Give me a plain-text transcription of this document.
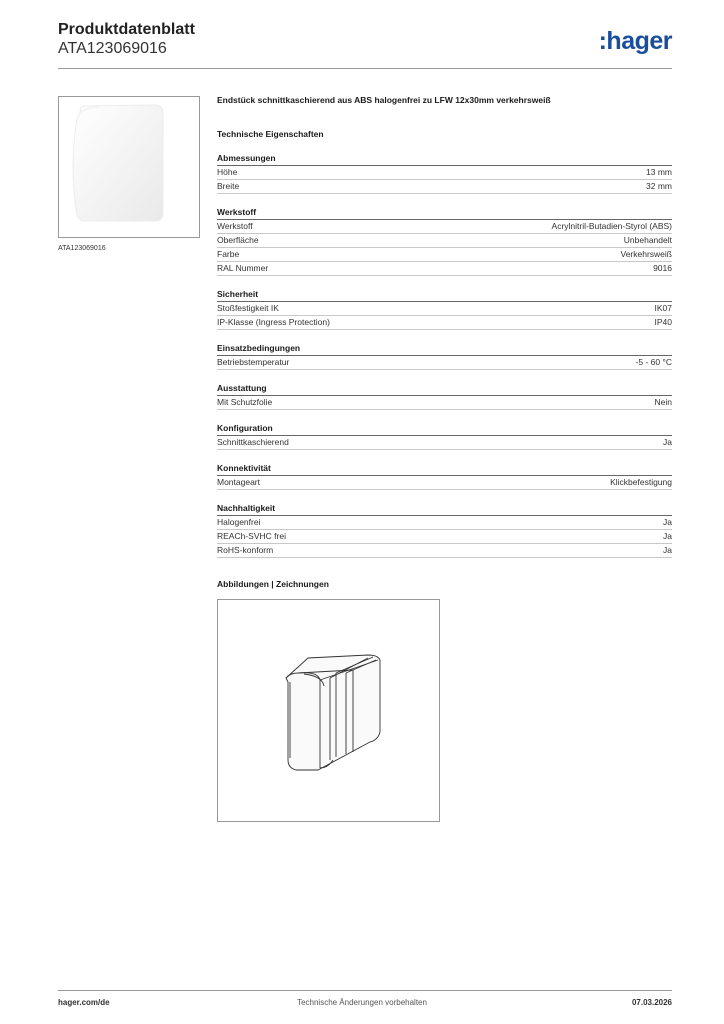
Produktdatenblatt
ATA123069016	:hager
ATA123069016
Endstück schnittkaschierend aus ABS halogenfrei zu LFW 12x30mm verkehrsweiß
Technische Eigenschaften
Abmessungen
Höhe	13 mm
Breite	32 mm
Werkstoff
Werkstoff	Acrylnitril-Butadien-Styrol (ABS)
Oberfläche	Unbehandelt
Farbe	Verkehrsweiß
RAL Nummer	9016
Sicherheit
Stoßfestigkeit IK	IK07
IP-Klasse (Ingress Protection)	IP40
Einsatzbedingungen
Betriebstemperatur	-5 - 60 °C
Ausstattung
Mit Schutzfolie	Nein
Konfiguration
Schnittkaschierend	Ja
Konnektivität
Montageart	Klickbefestigung
Nachhaltigkeit
Halogenfrei	Ja
REACh-SVHC frei	Ja
RoHS-konform	Ja
Abbildungen | Zeichnungen
hager.com/de	Technische Änderungen vorbehalten	07.03.2026
